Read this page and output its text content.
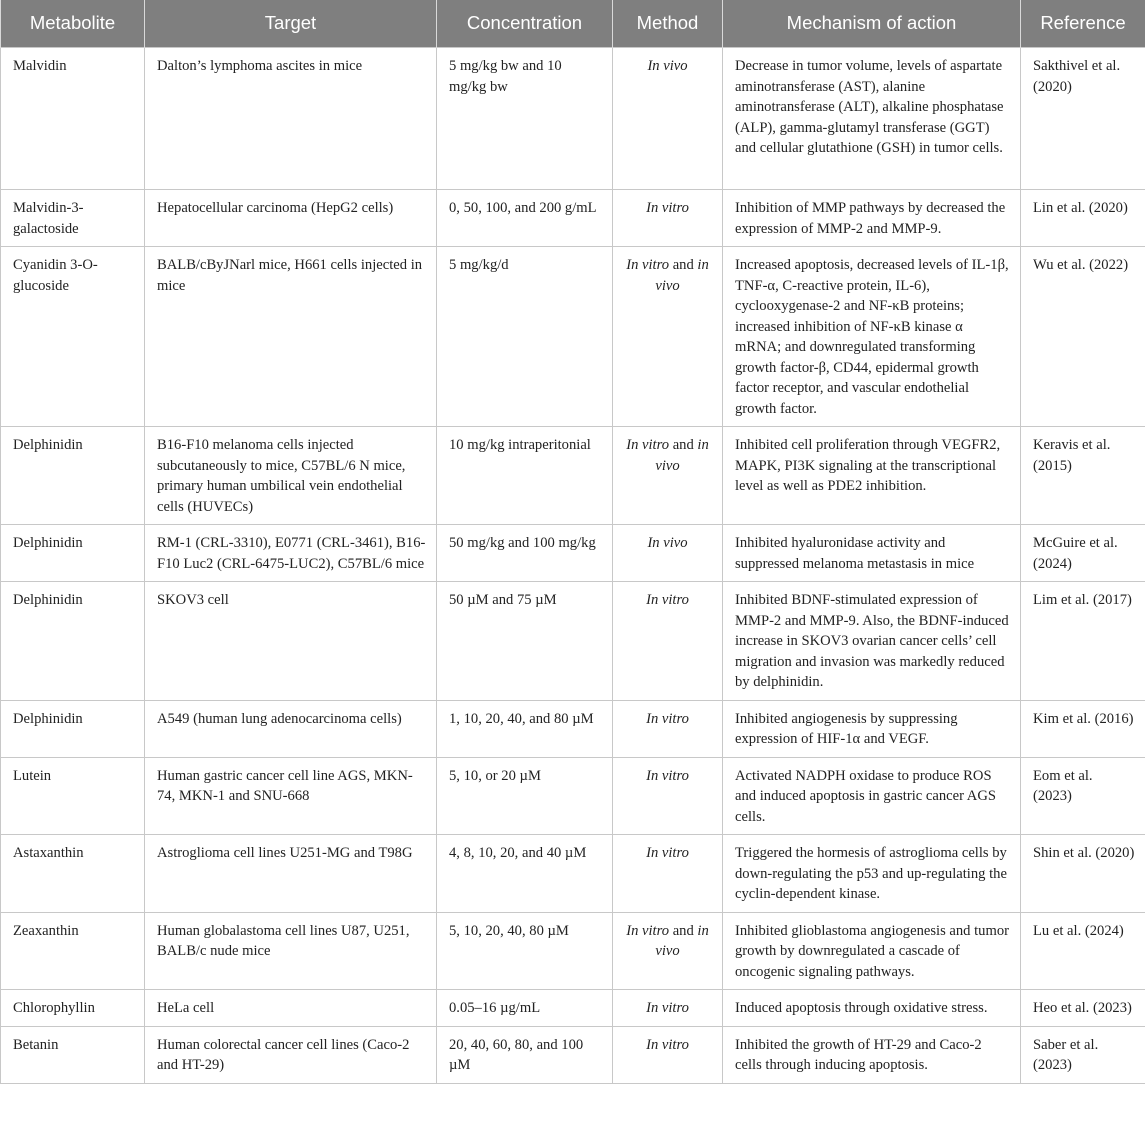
Metabolite	Target	Concentration	Method	Mechanism of action	Reference
Malvidin	Dalton’s lymphoma ascites in mice	5 mg/kg bw and 10 mg/kg bw	In vivo	Decrease in tumor volume, levels of aspartate aminotransferase (AST), alanine aminotransferase (ALT), alkaline phosphatase (ALP), gamma-glutamyl transferase (GGT) and cellular glutathione (GSH) in tumor cells.	Sakthivel et al. (2020)
Malvidin-3-galactoside	Hepatocellular carcinoma (HepG2 cells)	0, 50, 100, and 200 g/mL	In vitro	Inhibition of MMP pathways by decreased the expression of MMP-2 and MMP-9.	Lin et al. (2020)
Cyanidin 3-O-glucoside	BALB/cByJNarl mice, H661 cells injected in mice	5 mg/kg/d	In vitro and in vivo	Increased apoptosis, decreased levels of IL-1β, TNF-α, C-reactive protein, IL-6), cyclooxygenase-2 and NF-κB proteins; increased inhibition of NF-κB kinase α mRNA; and downregulated transforming growth factor-β, CD44, epidermal growth factor receptor, and vascular endothelial growth factor.	Wu et al. (2022)
Delphinidin	B16-F10 melanoma cells injected subcutaneously to mice, C57BL/6 N mice, primary human umbilical vein endothelial cells (HUVECs)	10 mg/kg intraperitonial	In vitro and in vivo	Inhibited cell proliferation through VEGFR2, MAPK, PI3K signaling at the transcriptional level as well as PDE2 inhibition.	Keravis et al. (2015)
Delphinidin	RM-1 (CRL-3310), E0771 (CRL-3461), B16-F10 Luc2 (CRL-6475-LUC2), C57BL/6 mice	50 mg/kg and 100 mg/kg	In vivo	Inhibited hyaluronidase activity and suppressed melanoma metastasis in mice	McGuire et al. (2024)
Delphinidin	SKOV3 cell	50 µM and 75 µM	In vitro	Inhibited BDNF-stimulated expression of MMP-2 and MMP-9. Also, the BDNF-induced increase in SKOV3 ovarian cancer cells’ cell migration and invasion was markedly reduced by delphinidin.	Lim et al. (2017)
Delphinidin	A549 (human lung adenocarcinoma cells)	1, 10, 20, 40, and 80 µM	In vitro	Inhibited angiogenesis by suppressing expression of HIF-1α and VEGF.	Kim et al. (2016)
Lutein	Human gastric cancer cell line AGS, MKN-74, MKN-1 and SNU-668	5, 10, or 20 µM	In vitro	Activated NADPH oxidase to produce ROS and induced apoptosis in gastric cancer AGS cells.	Eom et al. (2023)
Astaxanthin	Astroglioma cell lines U251-MG and T98G	4, 8, 10, 20, and 40 µM	In vitro	Triggered the hormesis of astroglioma cells by down-regulating the p53 and up-regulating the cyclin-dependent kinase.	Shin et al. (2020)
Zeaxanthin	Human globalastoma cell lines U87, U251, BALB/c nude mice	5, 10, 20, 40, 80 µM	In vitro and in vivo	Inhibited glioblastoma angiogenesis and tumor growth by downregulated a cascade of oncogenic signaling pathways.	Lu et al. (2024)
Chlorophyllin	HeLa cell	0.05–16 µg/mL	In vitro	Induced apoptosis through oxidative stress.	Heo et al. (2023)
Betanin	Human colorectal cancer cell lines (Caco-2 and HT-29)	20, 40, 60, 80, and 100 µM	In vitro	Inhibited the growth of HT-29 and Caco-2 cells through inducing apoptosis.	Saber et al. (2023)
